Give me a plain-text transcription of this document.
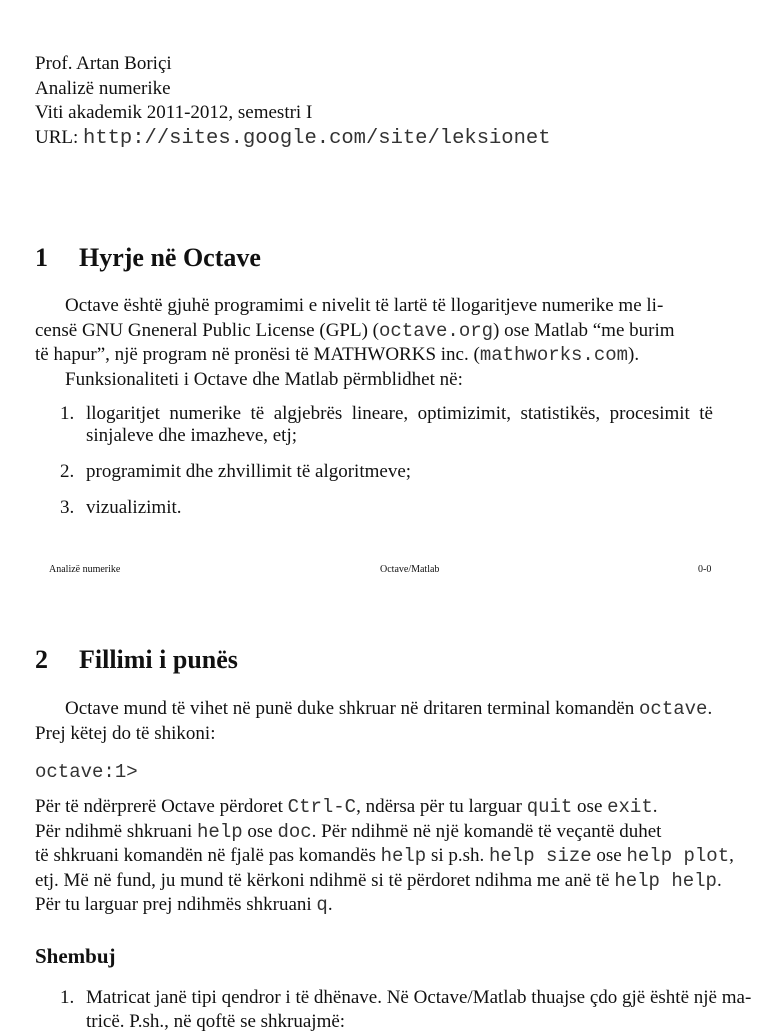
Prof. Artan Boriçi
Analizë numerike
Viti akademik 2011-2012, semestri I
URL: http://sites.google.com/site/leksionet
1 Hyrje në Octave
Octave është gjuhë programimi e nivelit të lartë të llogaritjeve numerike me li-
censë GNU Gneneral Public License (GPL) (octave.org) ose Matlab “me burim
të hapur”, një program në pronësi të MATHWORKS inc. (mathworks.com).
Funksionaliteti i Octave dhe Matlab përmblidhet në:
1. llogaritjet numerike të algjebrës lineare, optimizimit, statistikës, procesimit të sinjaleve dhe imazheve, etj;
2. programimit dhe zhvillimit të algoritmeve;
3. vizualizimit.
Analizë numerike	Octave/Matlab	0-0
2 Fillimi i punës
Octave mund të vihet në punë duke shkruar në dritaren terminal komandën octave.
Prej këtej do të shikoni:
octave:1>
Për të ndërprerë Octave përdoret Ctrl-C, ndërsa për tu larguar quit ose exit.
Për ndihmë shkruani help ose doc. Për ndihmë në një komandë të veçantë duhet
të shkruani komandën në fjalë pas komandës help si p.sh. help size ose help plot,
etj. Më në fund, ju mund të kërkoni ndihmë si të përdoret ndihma me anë të help help.
Për tu larguar prej ndihmës shkruani q.
Shembuj
1. Matricat janë tipi qendror i të dhënave. Në Octave/Matlab thuajse çdo gjë është një ma-
tricë. P.sh., në qoftë se shkruajmë:
